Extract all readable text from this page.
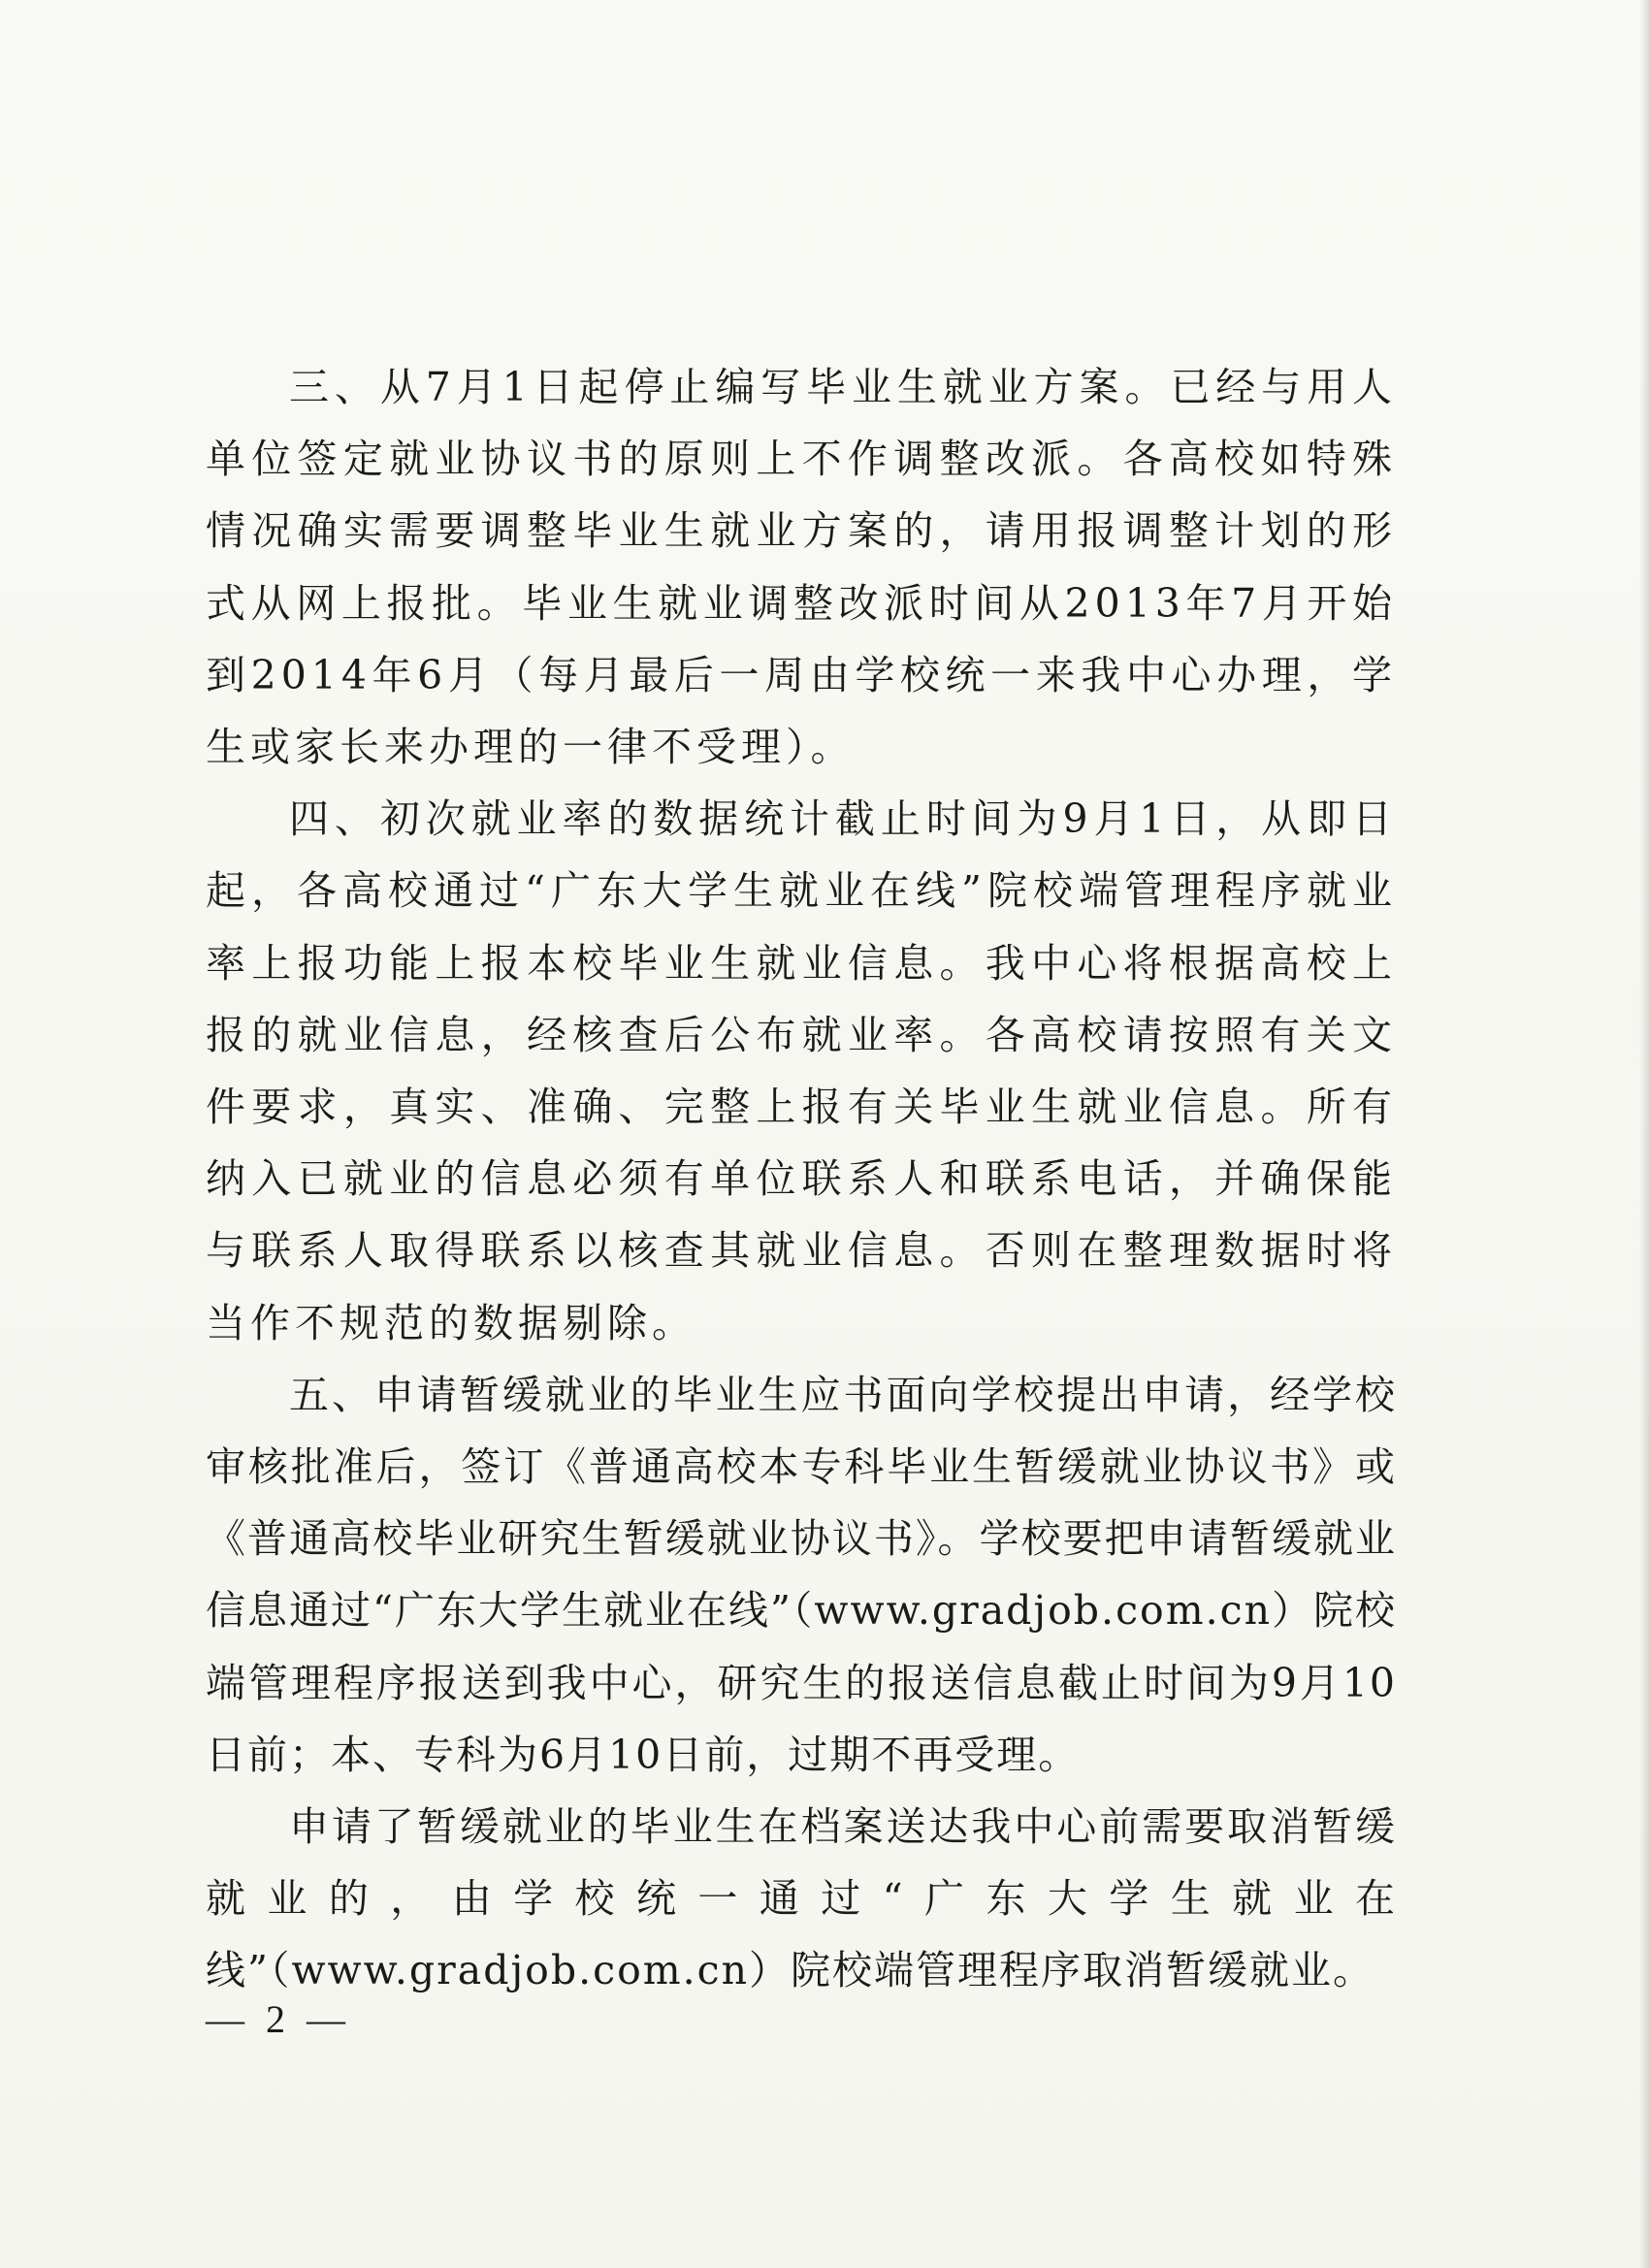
三、从7月1日起停止编写毕业生就业方案。已经与用人单位签定就业协议书的原则上不作调整改派。各高校如特殊情况确实需要调整毕业生就业方案的，请用报调整计划的形式从网上报批。毕业生就业调整改派时间从2013年7月开始到2014年6月（每月最后一周由学校统一来我中心办理，学生或家长来办理的一律不受理）。

四、初次就业率的数据统计截止时间为9月1日，从即日起，各高校通过“广东大学生就业在线”院校端管理程序就业率上报功能上报本校毕业生就业信息。我中心将根据高校上报的就业信息，经核查后公布就业率。各高校请按照有关文件要求，真实、准确、完整上报有关毕业生就业信息。所有纳入已就业的信息必须有单位联系人和联系电话，并确保能与联系人取得联系以核查其就业信息。否则在整理数据时将当作不规范的数据剔除。

五、申请暂缓就业的毕业生应书面向学校提出申请，经学校审核批准后，签订《普通高校本专科毕业生暂缓就业协议书》或《普通高校毕业研究生暂缓就业协议书》。学校要把申请暂缓就业信息通过“广东大学生就业在线”（www.gradjob.com.cn）院校端管理程序报送到我中心，研究生的报送信息截止时间为9月10日前；本、专科为6月10日前，过期不再受理。

申请了暂缓就业的毕业生在档案送达我中心前需要取消暂缓就业的，由学校统一通过“广东大学生就业在线”（www.gradjob.com.cn）院校端管理程序取消暂缓就业。

— 2 —
